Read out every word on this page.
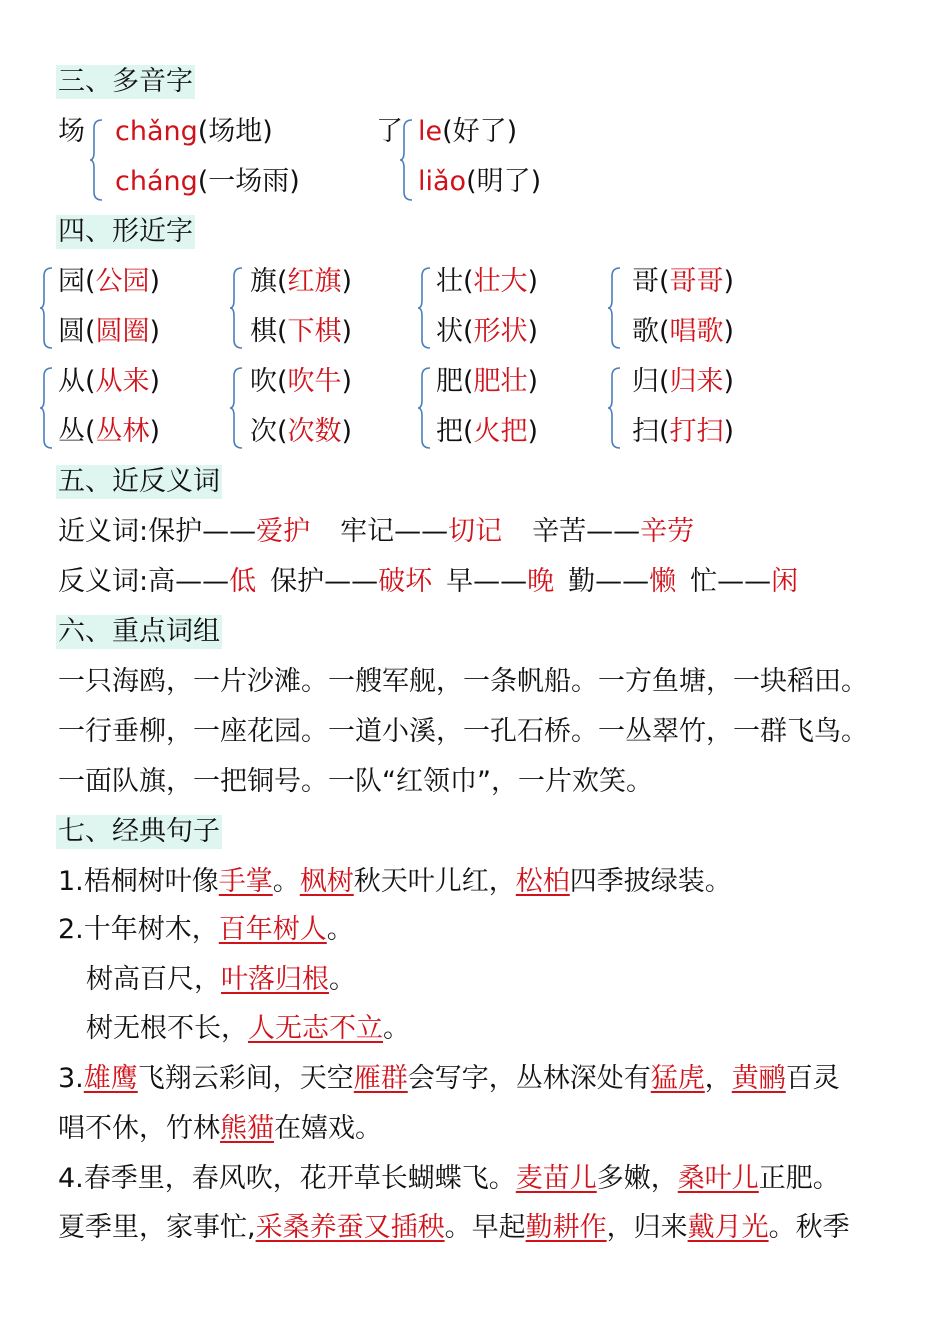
三、多音字
场 chǎng(场地)
cháng(一场雨)
了 le(好了)
liǎo(明了)
四、形近字
园(公园)
圆(圆圈)
旗(红旗)
棋(下棋)
壮(壮大)
状(形状)
哥(哥哥)
歌(唱歌)
从(从来)
丛(丛林)
吹(吹牛)
次(次数)
肥(肥壮)
把(火把)
归(归来)
扫(打扫)
五、近反义词
近义词:保护——爱护 牢记——切记 辛苦——辛劳
反义词:高——低 保护——破坏 早——晚 勤——懒 忙——闲
六、重点词组
一只海鸥，一片沙滩。一艘军舰，一条帆船。一方鱼塘，一块稻田。
一行垂柳，一座花园。一道小溪，一孔石桥。一丛翠竹，一群飞鸟。
一面队旗，一把铜号。一队“红领巾”，一片欢笑。
七、经典句子
1.梧桐树叶像手掌。枫树秋天叶儿红，松柏四季披绿装。
2.十年树木，百年树人。
树高百尺，叶落归根。
树无根不长，人无志不立。
3.雄鹰飞翔云彩间，天空雁群会写字，丛林深处有猛虎，黄鹂百灵
唱不休，竹林熊猫在嬉戏。
4.春季里，春风吹，花开草长蝴蝶飞。麦苗儿多嫩，桑叶儿正肥。
夏季里，家事忙,采桑养蚕又插秧。早起勤耕作，归来戴月光。秋季
